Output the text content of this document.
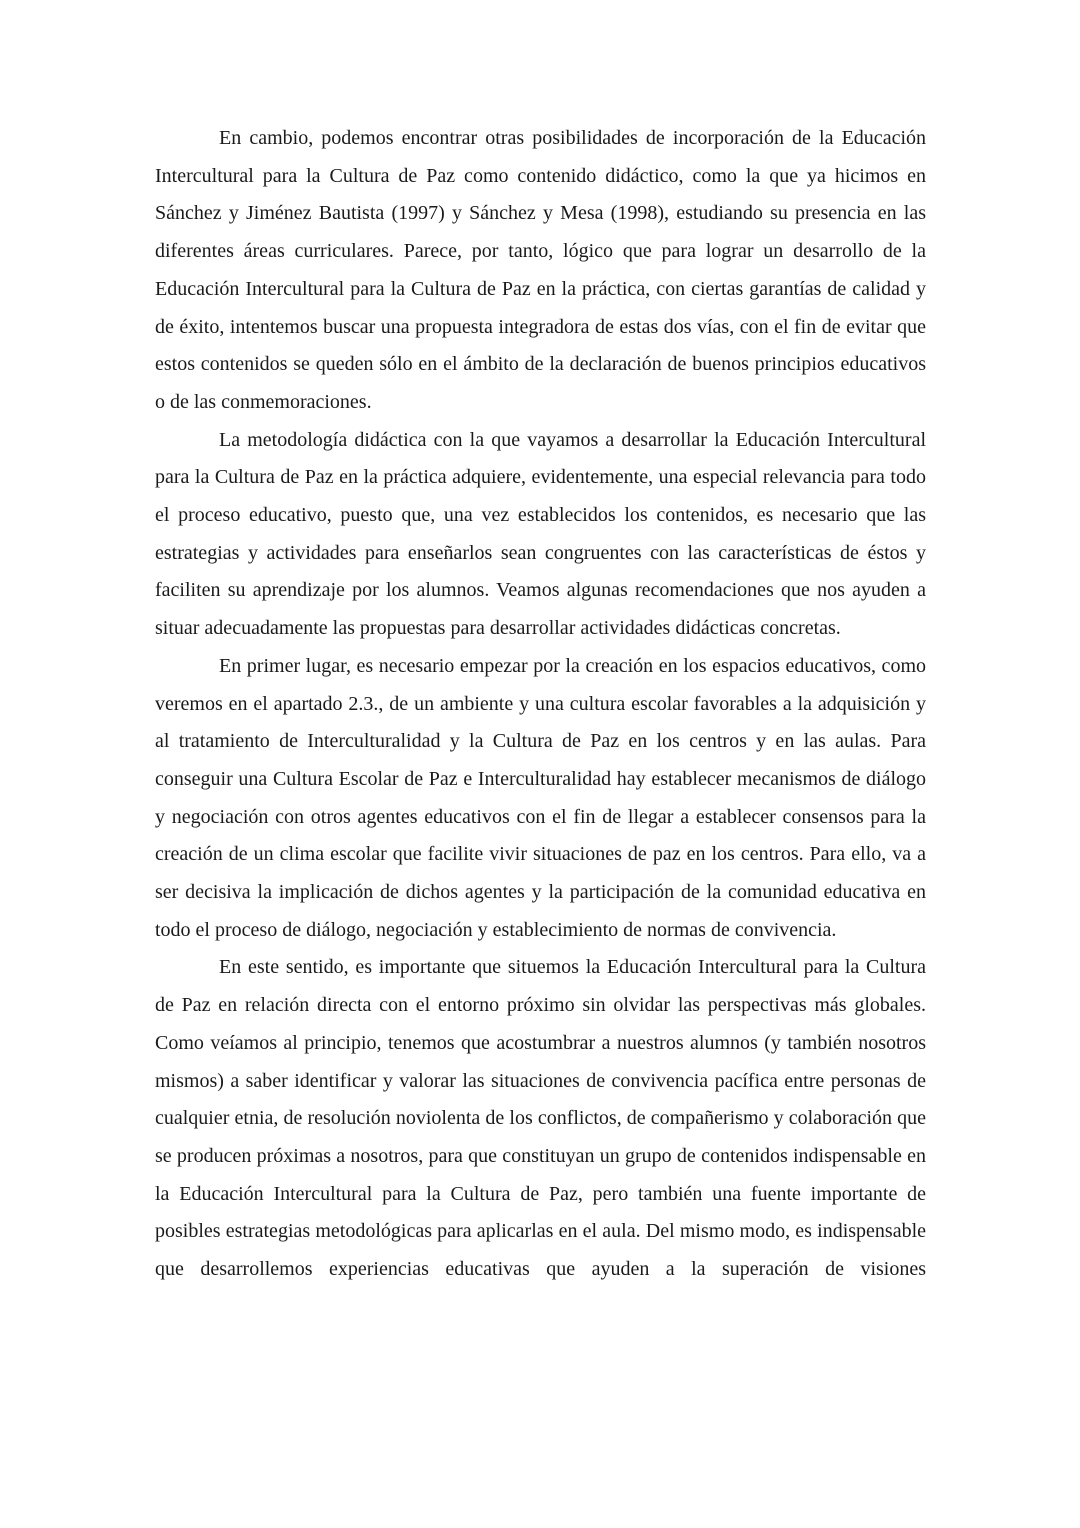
En cambio, podemos encontrar otras posibilidades de incorporación de la Educación Intercultural para la Cultura de Paz como contenido didáctico, como la que ya hicimos en Sánchez y Jiménez Bautista (1997) y Sánchez y Mesa (1998), estudiando su presencia en las diferentes áreas curriculares. Parece, por tanto, lógico que para lograr un desarrollo de la Educación Intercultural para la Cultura de Paz en la práctica, con ciertas garantías de calidad y de éxito, intentemos buscar una propuesta integradora de estas dos vías, con el fin de evitar que estos contenidos se queden sólo en el ámbito de la declaración de buenos principios educativos o de las conmemoraciones.

La metodología didáctica con la que vayamos a desarrollar la Educación Intercultural para la Cultura de Paz en la práctica adquiere, evidentemente, una especial relevancia para todo el proceso educativo, puesto que, una vez establecidos los contenidos, es necesario que las estrategias y actividades para enseñarlos sean congruentes con las características de éstos y faciliten su aprendizaje por los alumnos. Veamos algunas recomendaciones que nos ayuden a situar adecuadamente las propuestas para desarrollar actividades didácticas concretas.

En primer lugar, es necesario empezar por la creación en los espacios educativos, como veremos en el apartado 2.3., de un ambiente y una cultura escolar favorables a la adquisición y al tratamiento de Interculturalidad y la Cultura de Paz en los centros y en las aulas. Para conseguir una Cultura Escolar de Paz e Interculturalidad hay establecer mecanismos de diálogo y negociación con otros agentes educativos con el fin de llegar a establecer consensos para la creación de un clima escolar que facilite vivir situaciones de paz en los centros. Para ello, va a ser decisiva la implicación de dichos agentes y la participación de la comunidad educativa en todo el proceso de diálogo, negociación y establecimiento de normas de convivencia.

En este sentido, es importante que situemos la Educación Intercultural para la Cultura de Paz en relación directa con el entorno próximo sin olvidar las perspectivas más globales. Como veíamos al principio, tenemos que acostumbrar a nuestros alumnos (y también nosotros mismos) a saber identificar y valorar las situaciones de convivencia pacífica entre personas de cualquier etnia, de resolución noviolenta de los conflictos, de compañerismo y colaboración que se producen próximas a nosotros, para que constituyan un grupo de contenidos indispensable en la Educación Intercultural para la Cultura de Paz, pero también una fuente importante de posibles estrategias metodológicas para aplicarlas en el aula. Del mismo modo, es indispensable que desarrollemos experiencias educativas que ayuden a la superación de visiones
